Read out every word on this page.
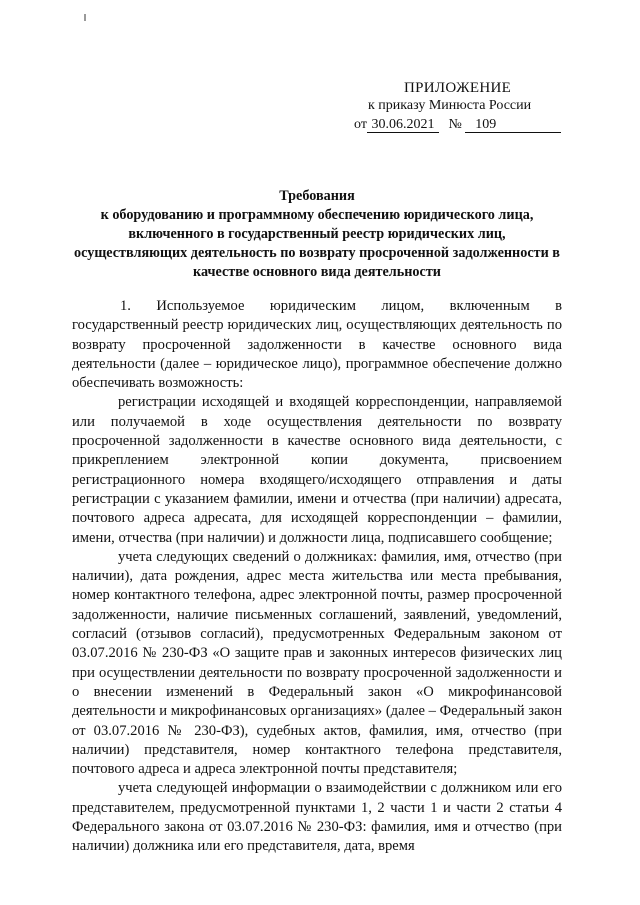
ПРИЛОЖЕНИЕ
к приказу Минюста России
от 30.06.2021 № 109
Требования
к оборудованию и программному обеспечению юридического лица, включенного в государственный реестр юридических лиц, осуществляющих деятельность по возврату просроченной задолженности в качестве основного вида деятельности

1. Используемое юридическим лицом, включенным в государственный реестр юридических лиц, осуществляющих деятельность по возврату просроченной задолженности в качестве основного вида деятельности (далее – юридическое лицо), программное обеспечение должно обеспечивать возможность:

регистрации исходящей и входящей корреспонденции, направляемой или получаемой в ходе осуществления деятельности по возврату просроченной задолженности в качестве основного вида деятельности, с прикреплением электронной копии документа, присвоением регистрационного номера входящего/исходящего отправления и даты регистрации с указанием фамилии, имени и отчества (при наличии) адресата, почтового адреса адресата, для исходящей корреспонденции – фамилии, имени, отчества (при наличии) и должности лица, подписавшего сообщение;

учета следующих сведений о должниках: фамилия, имя, отчество (при наличии), дата рождения, адрес места жительства или места пребывания, номер контактного телефона, адрес электронной почты, размер просроченной задолженности, наличие письменных соглашений, заявлений, уведомлений, согласий (отзывов согласий), предусмотренных Федеральным законом от 03.07.2016 № 230-ФЗ «О защите прав и законных интересов физических лиц при осуществлении деятельности по возврату просроченной задолженности и о внесении изменений в Федеральный закон «О микрофинансовой деятельности и микрофинансовых организациях» (далее – Федеральный закон от 03.07.2016 № 230-ФЗ), судебных актов, фамилия, имя, отчество (при наличии) представителя, номер контактного телефона представителя, почтового адреса и адреса электронной почты представителя;

учета следующей информации о взаимодействии с должником или его представителем, предусмотренной пунктами 1, 2 части 1 и части 2 статьи 4 Федерального закона от 03.07.2016 № 230-ФЗ: фамилия, имя и отчество (при наличии) должника или его представителя, дата, время
